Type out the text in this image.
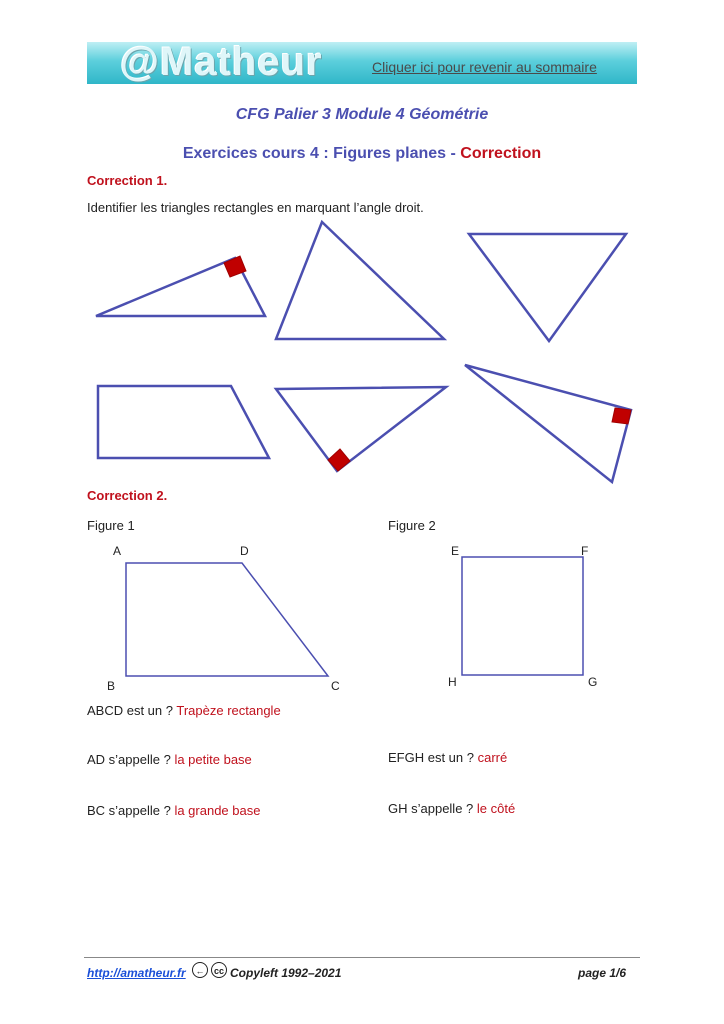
@Matheur	Cliquer ici pour revenir au sommaire
CFG Palier 3 Module 4 Géométrie
Exercices cours 4 : Figures planes - Correction
Correction 1.
Identifier les triangles rectangles en marquant l’angle droit.
Correction 2.
Figure 1	Figure 2
A	D
B	C
E	F
H	G
ABCD est un ? Trapèze rectangle
AD s’appelle ? la petite base
BC s’appelle ? la grande base
EFGH est un ? carré
GH s’appelle ? le côté
http://amatheur.fr	←	cc Copyleft 1992–2021	page 1/6
